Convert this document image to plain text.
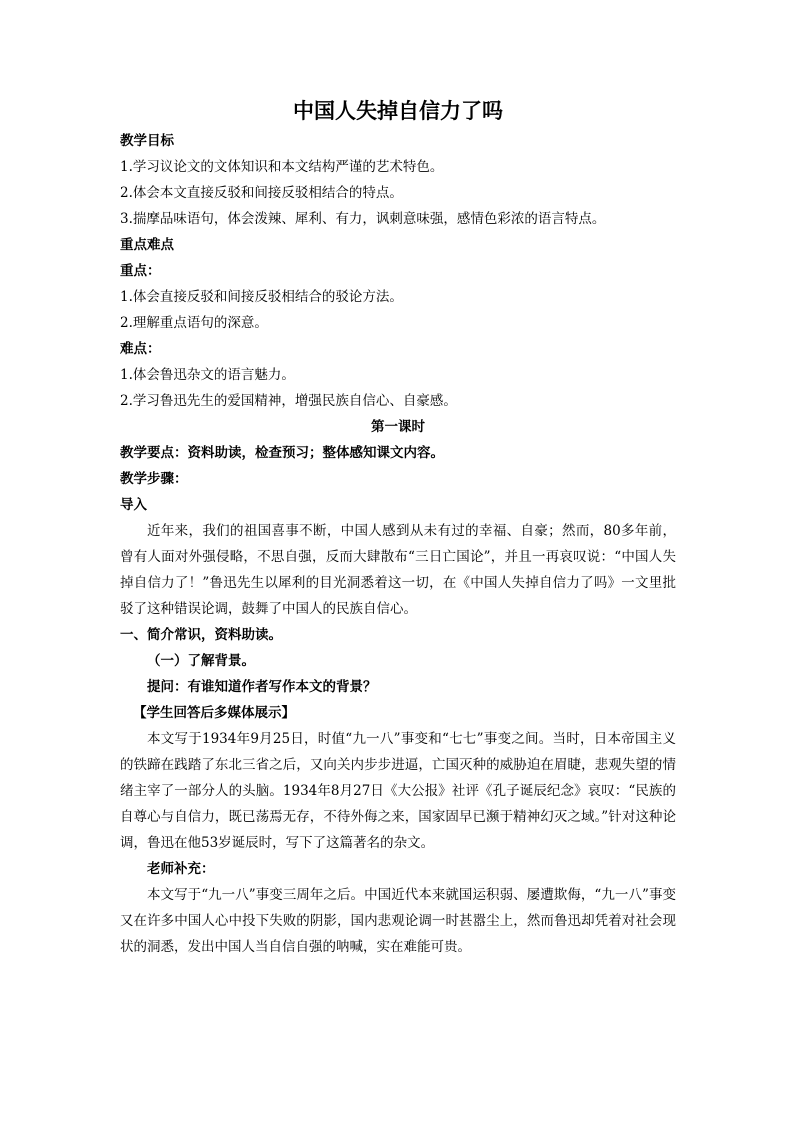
中国人失掉自信力了吗

教学目标

1.学习议论文的文体知识和本文结构严谨的艺术特色。

2.体会本文直接反驳和间接反驳相结合的特点。

3.揣摩品味语句，体会泼辣、犀利、有力，讽刺意味强，感情色彩浓的语言特点。

重点难点

重点：

1.体会直接反驳和间接反驳相结合的驳论方法。

2.理解重点语句的深意。

难点：

1.体会鲁迅杂文的语言魅力。

2.学习鲁迅先生的爱国精神，增强民族自信心、自豪感。

第一课时

教学要点：资料助读，检查预习；整体感知课文内容。

教学步骤：

导入

近年来，我们的祖国喜事不断，中国人感到从未有过的幸福、自豪；然而，80多年前，曾有人面对外强侵略，不思自强，反而大肆散布“三日亡国论”，并且一再哀叹说：“中国人失掉自信力了！”鲁迅先生以犀利的目光洞悉着这一切，在《中国人失掉自信力了吗》一文里批驳了这种错误论调，鼓舞了中国人的民族自信心。

一、简介常识，资料助读。

（一）了解背景。

提问：有谁知道作者写作本文的背景？

【学生回答后多媒体展示】

本文写于1934年9月25日，时值“九一八”事变和“七七”事变之间。当时，日本帝国主义的铁蹄在践踏了东北三省之后，又向关内步步进逼，亡国灭种的威胁迫在眉睫，悲观失望的情绪主宰了一部分人的头脑。1934年8月27日《大公报》社评《孔子诞辰纪念》哀叹：“民族的自尊心与自信力，既已荡焉无存，不待外侮之来，国家固早已濒于精神幻灭之域。”针对这种论调，鲁迅在他53岁诞辰时，写下了这篇著名的杂文。

老师补充：

本文写于“九一八”事变三周年之后。中国近代本来就国运积弱、屡遭欺侮，“九一八”事变又在许多中国人心中投下失败的阴影，国内悲观论调一时甚嚣尘上，然而鲁迅却凭着对社会现状的洞悉，发出中国人当自信自强的呐喊，实在难能可贵。
